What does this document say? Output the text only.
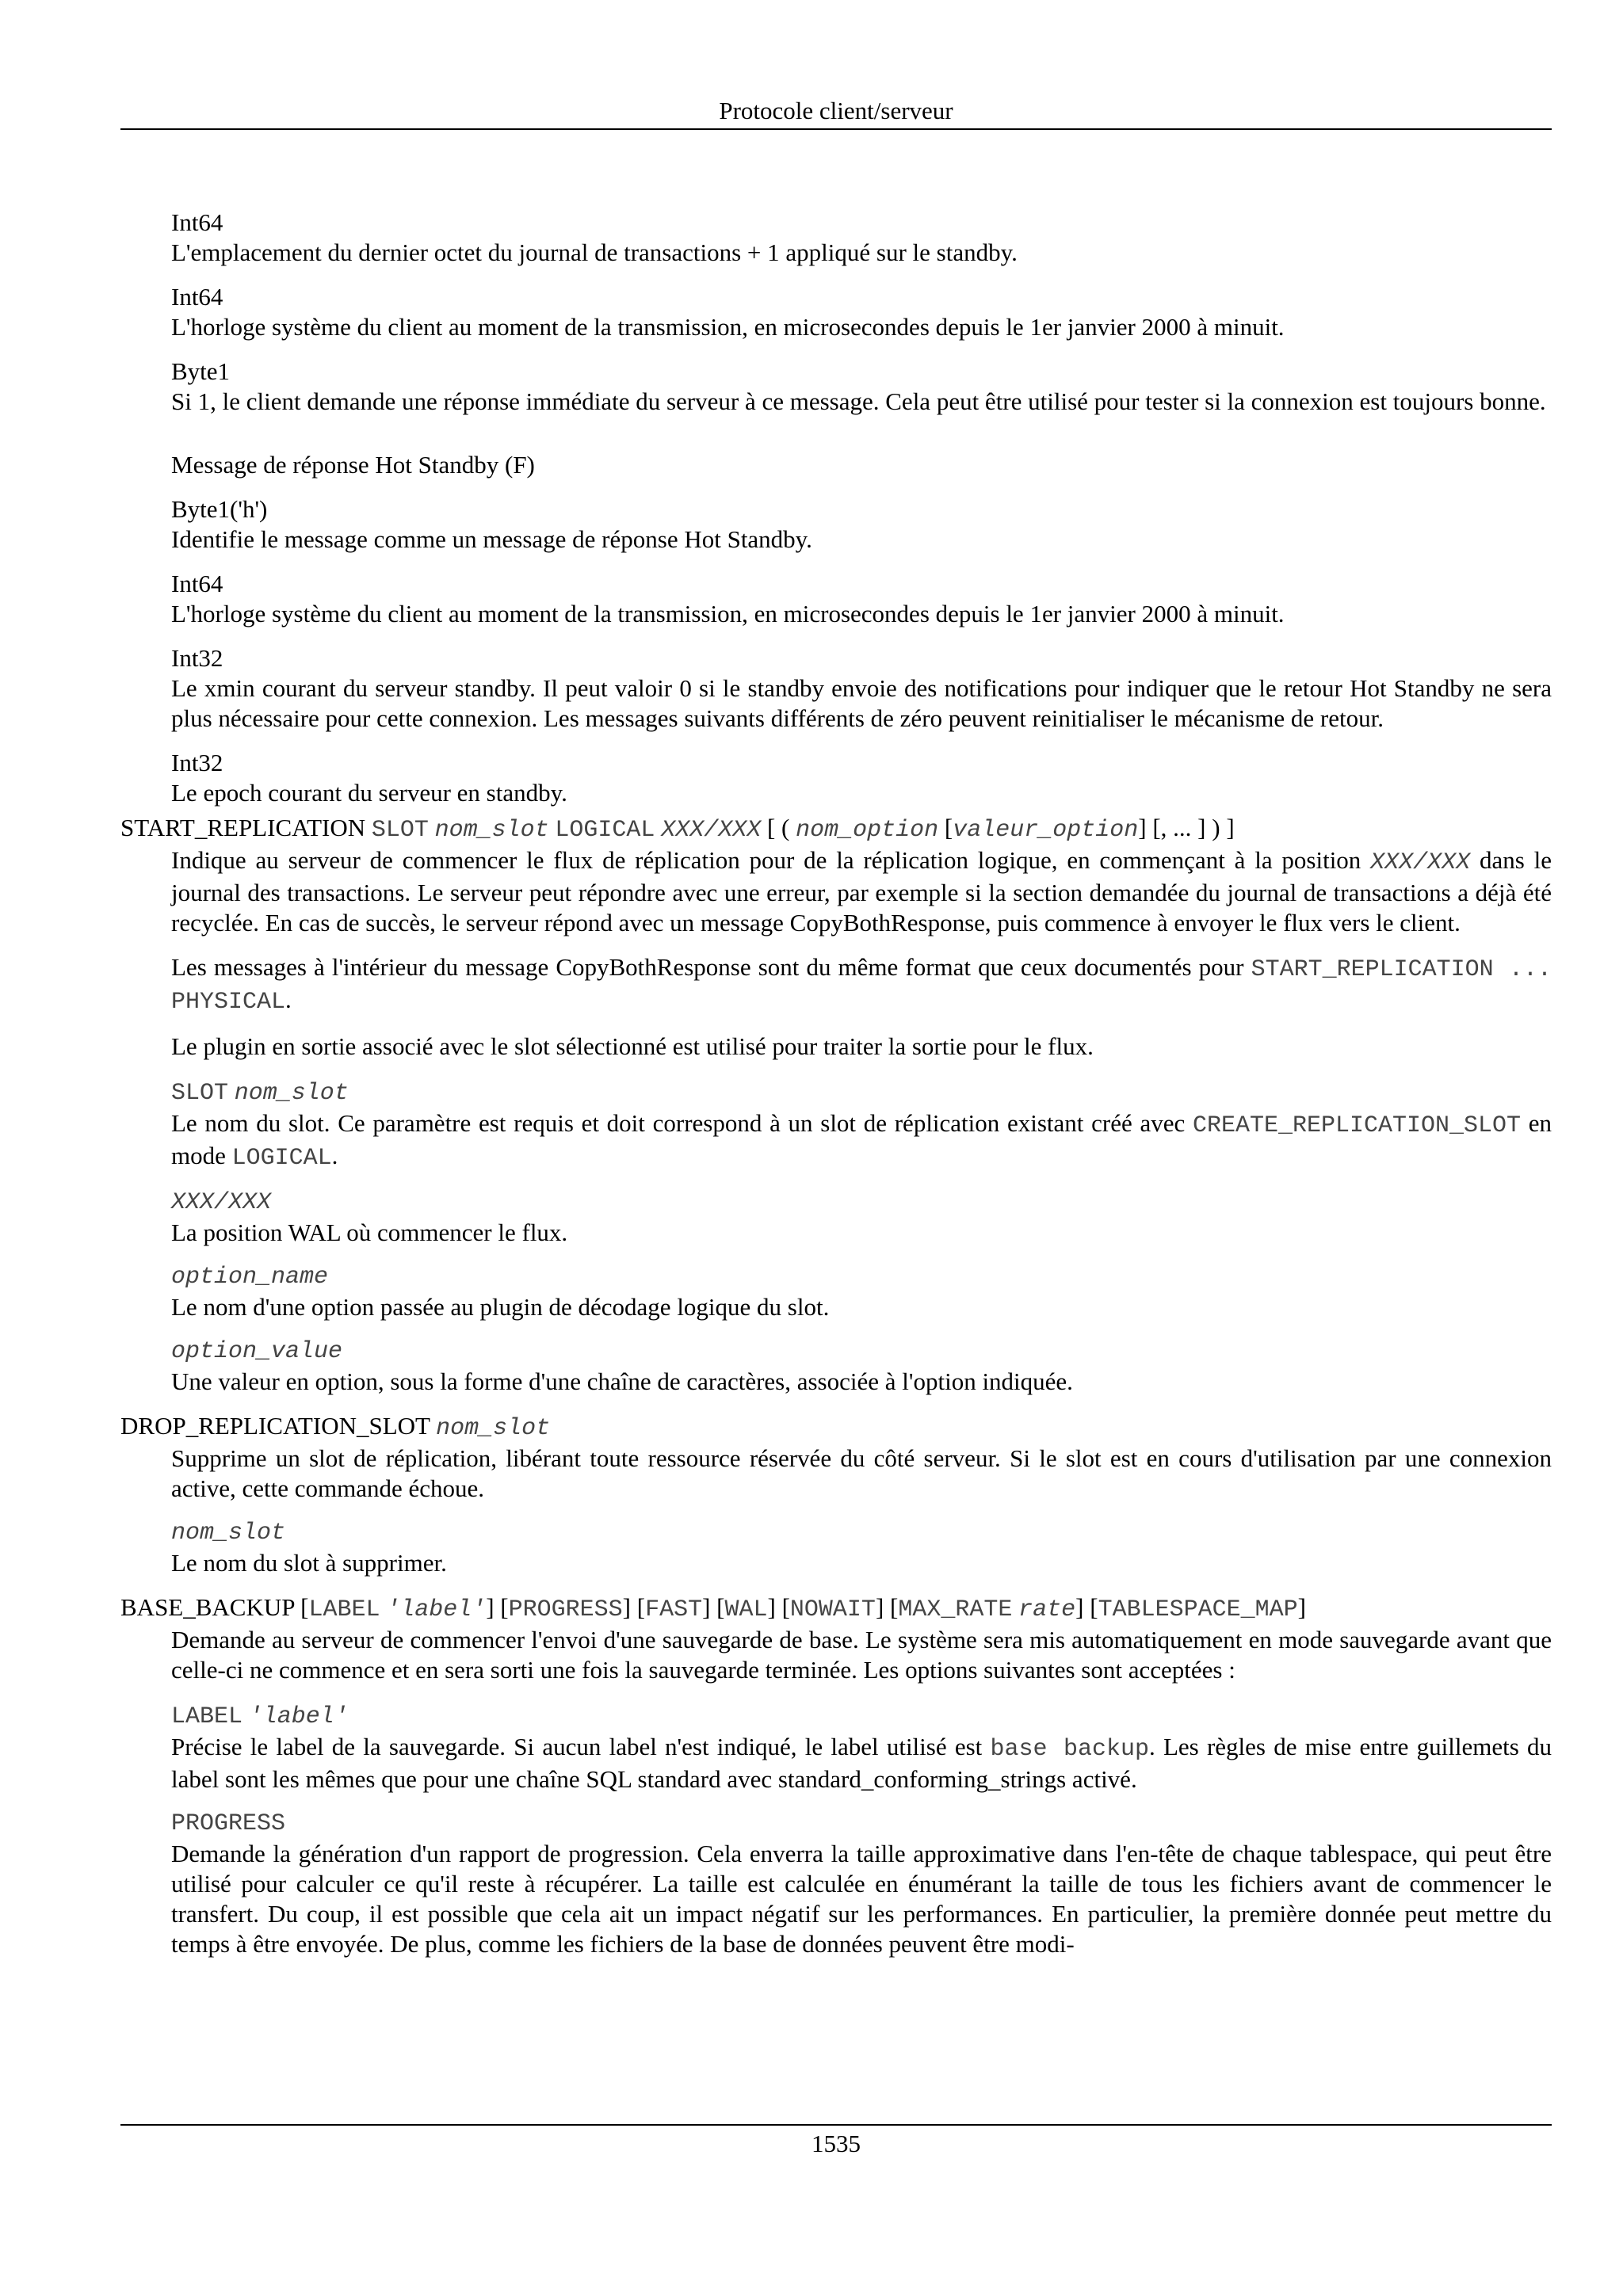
Protocole client/serveur
Int64
L'emplacement du dernier octet du journal de transactions + 1 appliqué sur le standby.
Int64
L'horloge système du client au moment de la transmission, en microsecondes depuis le 1er janvier 2000 à minuit.
Byte1
Si 1, le client demande une réponse immédiate du serveur à ce message. Cela peut être utilisé pour tester si la connexion est toujours bonne.
Message de réponse Hot Standby (F)
Byte1('h')
Identifie le message comme un message de réponse Hot Standby.
Int64
L'horloge système du client au moment de la transmission, en microsecondes depuis le 1er janvier 2000 à minuit.
Int32
Le xmin courant du serveur standby. Il peut valoir 0 si le standby envoie des notifications pour indiquer que le retour Hot Standby ne sera plus nécessaire pour cette connexion. Les messages suivants différents de zéro peuvent reinitialiser le mécanisme de retour.
Int32
Le epoch courant du serveur en standby.
START_REPLICATION SLOT nom_slot LOGICAL XXX/XXX [ ( nom_option [valeur_option] [, ... ] ) ]
Indique au serveur de commencer le flux de réplication pour de la réplication logique, en commençant à la position XXX/XXX dans le journal des transactions. Le serveur peut répondre avec une erreur, par exemple si la section demandée du journal de transactions a déjà été recyclée. En cas de succès, le serveur répond avec un message CopyBothResponse, puis commence à envoyer le flux vers le client.
Les messages à l'intérieur du message CopyBothResponse sont du même format que ceux documentés pour START_REPLICATION ... PHYSICAL.
Le plugin en sortie associé avec le slot sélectionné est utilisé pour traiter la sortie pour le flux.
SLOT nom_slot
Le nom du slot. Ce paramètre est requis et doit correspond à un slot de réplication existant créé avec CREATE_REPLICATION_SLOT en mode LOGICAL.
XXX/XXX
La position WAL où commencer le flux.
option_name
Le nom d'une option passée au plugin de décodage logique du slot.
option_value
Une valeur en option, sous la forme d'une chaîne de caractères, associée à l'option indiquée.
DROP_REPLICATION_SLOT nom_slot
Supprime un slot de réplication, libérant toute ressource réservée du côté serveur. Si le slot est en cours d'utilisation par une connexion active, cette commande échoue.
nom_slot
Le nom du slot à supprimer.
BASE_BACKUP [LABEL 'label'] [PROGRESS] [FAST] [WAL] [NOWAIT] [MAX_RATE rate] [TABLESPACE_MAP]
Demande au serveur de commencer l'envoi d'une sauvegarde de base. Le système sera mis automatiquement en mode sauvegarde avant que celle-ci ne commence et en sera sorti une fois la sauvegarde terminée. Les options suivantes sont acceptées :
LABEL 'label'
Précise le label de la sauvegarde. Si aucun label n'est indiqué, le label utilisé est base backup. Les règles de mise entre guillemets du label sont les mêmes que pour une chaîne SQL standard avec standard_conforming_strings activé.
PROGRESS
Demande la génération d'un rapport de progression. Cela enverra la taille approximative dans l'en-tête de chaque tablespace, qui peut être utilisé pour calculer ce qu'il reste à récupérer. La taille est calculée en énumérant la taille de tous les fichiers avant de commencer le transfert. Du coup, il est possible que cela ait un impact négatif sur les performances. En particulier, la première donnée peut mettre du temps à être envoyée. De plus, comme les fichiers de la base de données peuvent être modi-
1535
